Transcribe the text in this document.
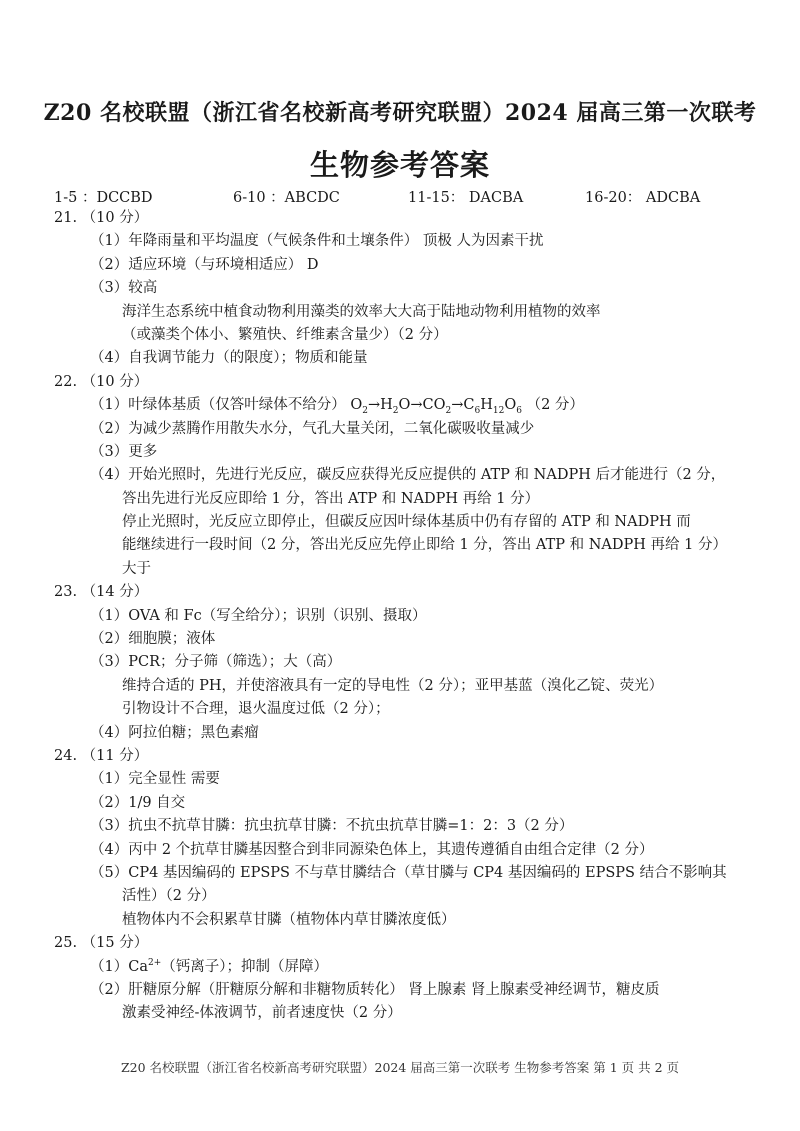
Z20 名校联盟（浙江省名校新高考研究联盟）2024 届高三第一次联考
生物参考答案
1-5 ：DCCBD	6-10 ：ABCDC	11-15： DACBA	16-20： ADCBA
21. （10 分）
（1）年降雨量和平均温度（气候条件和土壤条件） 顶极 人为因素干扰
（2）适应环境（与环境相适应） D
（3）较高
海洋生态系统中植食动物利用藻类的效率大大高于陆地动物利用植物的效率
（或藻类个体小、繁殖快、纤维素含量少）（2 分）
（4）自我调节能力（的限度）；物质和能量
22. （10 分）
（1）叶绿体基质（仅答叶绿体不给分） $O_2\to H_2O\to CO_2\to C_6H_{12}O_6$ （2 分）
（2）为减少蒸腾作用散失水分，气孔大量关闭，二氧化碳吸收量减少
（3）更多
（4）开始光照时，先进行光反应，碳反应获得光反应提供的 ATP 和 NADPH 后才能进行（2 分，
答出先进行光反应即给 1 分，答出 ATP 和 NADPH 再给 1 分）
停止光照时，光反应立即停止，但碳反应因叶绿体基质中仍有存留的 ATP 和 NADPH 而
能继续进行一段时间（2 分，答出光反应先停止即给 1 分，答出 ATP 和 NADPH 再给 1 分）
大于
23. （14 分）
（1）OVA 和 Fc（写全给分）；识别（识别、摄取）
（2）细胞膜；液体
（3）PCR；分子筛（筛选）；大（高）
维持合适的 PH，并使溶液具有一定的导电性（2 分）；亚甲基蓝（溴化乙锭、荧光）
引物设计不合理，退火温度过低（2 分）；
（4）阿拉伯糖；黑色素瘤
24. （11 分）
（1）完全显性 需要
（2）1/9 自交
（3）抗虫不抗草甘膦：抗虫抗草甘膦：不抗虫抗草甘膦=1：2：3（2 分）
（4）丙中 2 个抗草甘膦基因整合到非同源染色体上，其遗传遵循自由组合定律（2 分）
（5）CP4 基因编码的 EPSPS 不与草甘膦结合（草甘膦与 CP4 基因编码的 EPSPS 结合不影响其
活性）（2 分）
植物体内不会积累草甘膦（植物体内草甘膦浓度低）
25. （15 分）
$(1)Ca^{2+}$（钙离子）；抑制（屏障）
（2）肝糖原分解（肝糖原分解和非糖物质转化） 肾上腺素 肾上腺素受神经调节，糖皮质
激素受神经-体液调节，前者速度快（2 分）
Z20 名校联盟（浙江省名校新高考研究联盟）2024 届高三第一次联考 生物参考答案 第 1 页 共 2 页
